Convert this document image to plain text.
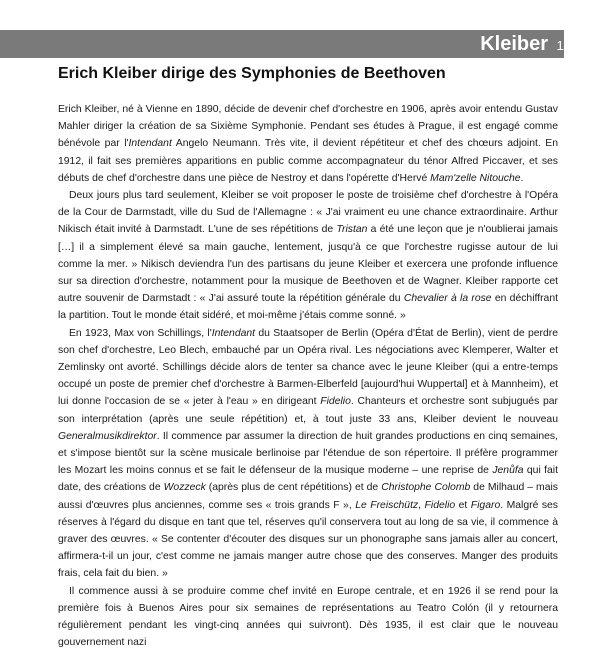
Kleiber 11
Erich Kleiber dirige des Symphonies de Beethoven

Erich Kleiber, né à Vienne en 1890, décide de devenir chef d'orchestre en 1906, après avoir entendu Gustav Mahler diriger la création de sa Sixième Symphonie. Pendant ses études à Prague, il est engagé comme bénévole par l'Intendant Angelo Neumann. Très vite, il devient répétiteur et chef des chœurs adjoint. En 1912, il fait ses premières apparitions en public comme accompagnateur du ténor Alfred Piccaver, et ses débuts de chef d'orchestre dans une pièce de Nestroy et dans l'opérette d'Hervé Mam'zelle Nitouche.

Deux jours plus tard seulement, Kleiber se voit proposer le poste de troisième chef d'orchestre à l'Opéra de la Cour de Darmstadt, ville du Sud de l'Allemagne : « J'ai vraiment eu une chance extraordinaire. Arthur Nikisch était invité à Darmstadt. L'une de ses répétitions de Tristan a été une leçon que je n'oublierai jamais […] il a simplement élevé sa main gauche, lentement, jusqu'à ce que l'orchestre rugisse autour de lui comme la mer. » Nikisch deviendra l'un des partisans du jeune Kleiber et exercera une profonde influence sur sa direction d'orchestre, notamment pour la musique de Beethoven et de Wagner. Kleiber rapporte cet autre souvenir de Darmstadt : « J'ai assuré toute la répétition générale du Chevalier à la rose en déchiffrant la partition. Tout le monde était sidéré, et moi-même j'étais comme sonné. »

En 1923, Max von Schillings, l'Intendant du Staatsoper de Berlin (Opéra d'État de Berlin), vient de perdre son chef d'orchestre, Leo Blech, embauché par un Opéra rival. Les négociations avec Klemperer, Walter et Zemlinsky ont avorté. Schillings décide alors de tenter sa chance avec le jeune Kleiber (qui a entre-temps occupé un poste de premier chef d'orchestre à Barmen-Elberfeld [aujourd'hui Wuppertal] et à Mannheim), et lui donne l'occasion de se « jeter à l'eau » en dirigeant Fidelio. Chanteurs et orchestre sont subjugués par son interprétation (après une seule répétition) et, à tout juste 33 ans, Kleiber devient le nouveau Generalmusikdirektor. Il commence par assumer la direction de huit grandes productions en cinq semaines, et s'impose bientôt sur la scène musicale berlinoise par l'étendue de son répertoire. Il préfère programmer les Mozart les moins connus et se fait le défenseur de la musique moderne – une reprise de Jenůfa qui fait date, des créations de Wozzeck (après plus de cent répétitions) et de Christophe Colomb de Milhaud – mais aussi d'œuvres plus anciennes, comme ses « trois grands F », Le Freischütz, Fidelio et Figaro. Malgré ses réserves à l'égard du disque en tant que tel, réserves qu'il conservera tout au long de sa vie, il commence à graver des œuvres. « Se contenter d'écouter des disques sur un phonographe sans jamais aller au concert, affirmera-t-il un jour, c'est comme ne jamais manger autre chose que des conserves. Manger des produits frais, cela fait du bien. »

Il commence aussi à se produire comme chef invité en Europe centrale, et en 1926 il se rend pour la première fois à Buenos Aires pour six semaines de représentations au Teatro Colón (il y retournera régulièrement pendant les vingt-cinq années qui suivront). Dès 1935, il est clair que le nouveau gouvernement nazi
